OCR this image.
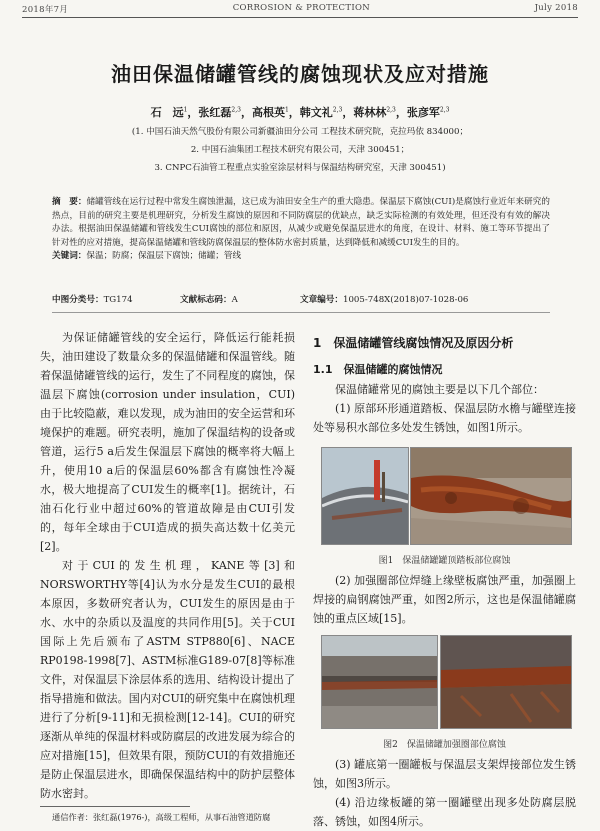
2018年7月	CORROSION & PROTECTION	July 2018
油田保温储罐管线的腐蚀现状及应对措施
石　远$^1$，张红磊$^{2,3}$，高根英$^1$，韩文礼$^{2,3}$，蒋林林$^{2,3}$，张彦军$^{2,3}$
(1. 中国石油天然气股份有限公司新疆油田分公司 工程技术研究院，克拉玛依 834000；
2. 中国石油集团工程技术研究有限公司，天津 300451；
3. CNPC石油管工程重点实验室涂层材料与保温结构研究室，天津 300451)
摘　要：储罐管线在运行过程中常发生腐蚀泄漏，这已成为油田安全生产的重大隐患。保温层下腐蚀(CUI)是腐蚀行业近年来研究的热点，目前的研究主要是机理研究，分析发生腐蚀的原因和不同防腐层的优缺点，缺乏实际检测的有效处理，但还没有有效的解决办法。根据油田保温储罐和管线发生CUI腐蚀的部位和原因，从减少或避免保温层进水的角度，在设计、材料、施工等环节提出了针对性的应对措施，提高保温储罐和管线防腐保温层的整体防水密封质量，达到降低和减缓CUI发生的目的。
关键词：保温；防腐；保温层下腐蚀；储罐；管线
中图分类号：TG174	文献标志码：A	文章编号：1005-748X(2018)07-1028-06

为保证储罐管线的安全运行，降低运行能耗损失，油田建设了数量众多的保温储罐和保温管线。随着保温储罐管线的运行，发生了不同程度的腐蚀，保温层下腐蚀(corrosion under insulation，CUI)由于比较隐蔽，难以发现，成为油田的安全运营和环境保护的难题。研究表明，施加了保温结构的设备或管道，运行5 a后发生保温层下腐蚀的概率将大幅上升，使用10 a后的保温层60%都含有腐蚀性冷凝水，极大地提高了CUI发生的概率[1]。据统计，石油石化行业中超过60%的管道故障是由CUI引发的，每年全球由于CUI造成的损失高达数十亿美元[2]。

对于CUI的发生机理，KANE等[3]和NORSWORTHY等[4]认为水分是发生CUI的最根本原因，多数研究者认为，CUI发生的原因是由于水、水中的杂质以及温度的共同作用[5]。关于CUI国际上先后颁布了ASTM STP880[6]、NACE RP0198-1998[7]、ASTM标准G189-07[8]等标准文件，对保温层下涂层体系的选用、结构设计提出了指导措施和做法。国内对CUI的研究集中在腐蚀机理进行了分析[9-11]和无损检测[12-14]。CUI的研究逐渐从单纯的保温材料或防腐层的改进发展为综合的应对措施[15]，但效果有限，预防CUI的有效措施还是防止保温层进水，即确保保温结构中的防护层整体防水密封。

通信作者：张红磊(1976-)，高级工程师，从事石油管道防腐
1　保温储罐管线腐蚀情况及原因分析
1.1　保温储罐的腐蚀情况

保温储罐常见的腐蚀主要是以下几个部位：

(1) 原部环形通道踏板、保温层防水檐与罐壁连接处等易积水部位多处发生锈蚀，如图1所示。

图1　保温储罐罐顶踏板部位腐蚀

(2) 加强圈部位焊缝上缘壁板腐蚀严重，加强圈上焊接的扁钢腐蚀严重，如图2所示，这也是保温储罐腐蚀的重点区域[15]。

图2　保温储罐加强圈部位腐蚀

(3) 罐底第一圈罐板与保温层支架焊接部位发生锈蚀，如图3所示。

(4) 沿边缘板罐的第一圈罐壁出现多处防腐层脱落、锈蚀，如图4所示。
